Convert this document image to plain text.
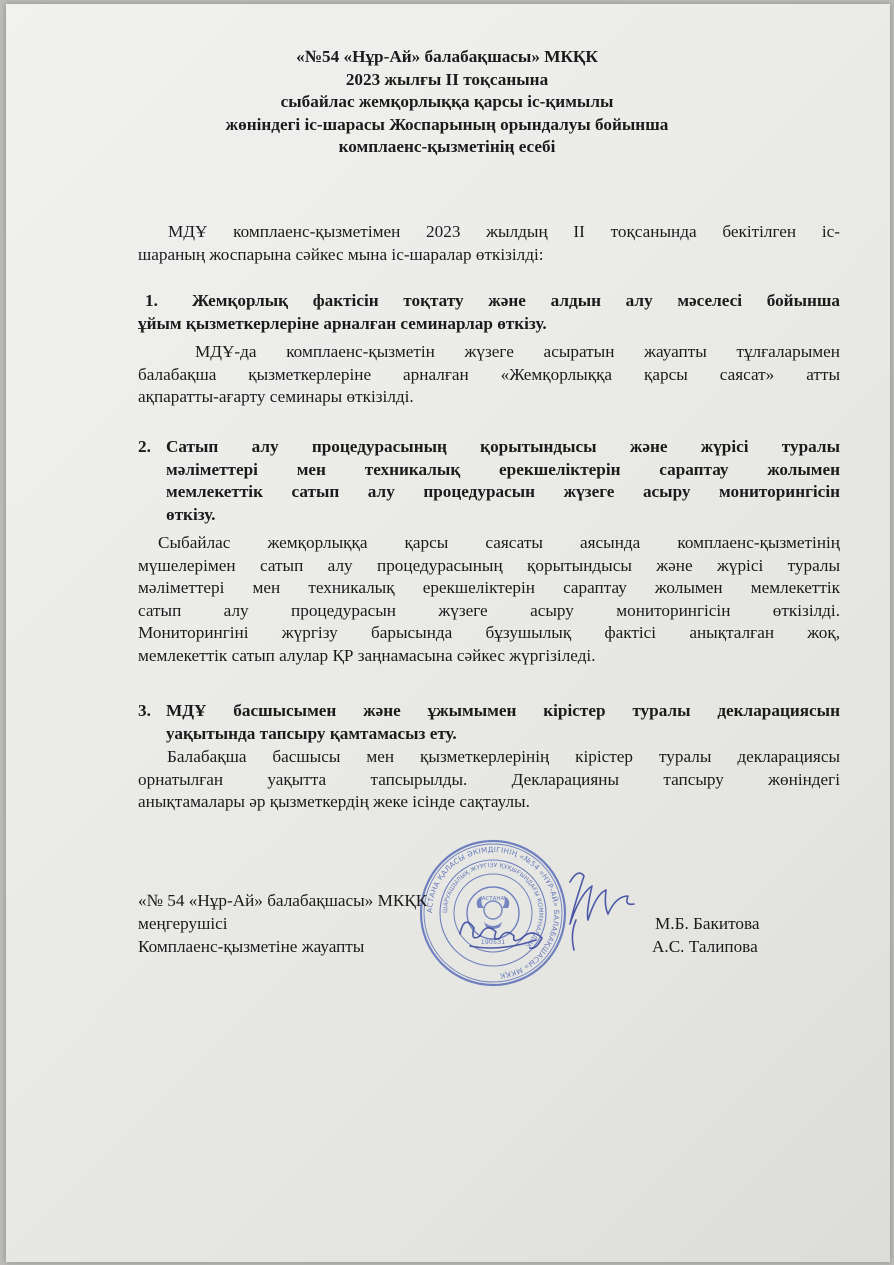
«№54 «Нұр-Ай» балабақшасы» МКҚК
2023 жылғы II тоқсанына
сыбайлас жемқорлыққа қарсы іс-қимылы
жөніндегі іс-шарасы Жоспарының орындалуы бойынша
комплаенс-қызметінің есебі
МДҰ комплаенс-қызметімен 2023 жылдың II тоқсанында бекітілген іс-
шараның жоспарына сәйкес мына іс-шаралар өткізілді:
1.	Жемқорлық фактісін тоқтату және алдын алу мәселесі бойынша
ұйым қызметкерлеріне арналған семинарлар өткізу.
МДҰ-да комплаенс-қызметін жүзеге асыратын жауапты тұлғаларымен
балабақша қызметкерлеріне арналған «Жемқорлыққа қарсы саясат» атты
ақпаратты-ағарту семинары өткізілді.
2. Сатып алу процедурасының қорытындысы және жүрісі туралы
мәліметтері мен техникалық ерекшеліктерін сараптау жолымен
мемлекеттік сатып алу процедурасын жүзеге асыру мониторингісін
өткізу.
Сыбайлас жемқорлыққа қарсы саясаты аясында комплаенс-қызметінің
мүшелерімен сатып алу процедурасының қорытындысы және жүрісі туралы
мәліметтері мен техникалық ерекшеліктерін сараптау жолымен мемлекеттік
сатып алу процедурасын жүзеге асыру мониторингісін өткізілді.
Мониторингіні жүргізу барысында бұзушылық фактісі анықталған жоқ,
мемлекеттік сатып алулар ҚР заңнамасына сәйкес жүргізіледі.
3. МДҰ басшысымен және ұжымымен кірістер туралы декларациясын
уақытында тапсыру қамтамасыз ету.
Балабақша басшысы мен қызметкерлерінің кірістер туралы декларациясы
орнатылған уақытта тапсырылды. Декларацияны тапсыру жөніндегі
анықтамалары әр қызметкердің жеке ісінде сақтаулы.
АСТАНА ҚАЛАСЫ ӘКІМДІГІНІҢ «№54 «НҰР-АЙ» БАЛАБАҚШАСЫ» МКҚК
ШАРУАШЫЛЫҚ ЖҮРГІЗУ ҚҰҚЫҒЫНДАҒЫ КОММУНАЛДЫҚ
190531
АСТАНА
«№ 54 «Нұр-Ай» балабақшасы» МКҚК
меңгерушісі	М.Б. Бакитова
Комплаенс-қызметіне жауапты	А.С. Талипова
